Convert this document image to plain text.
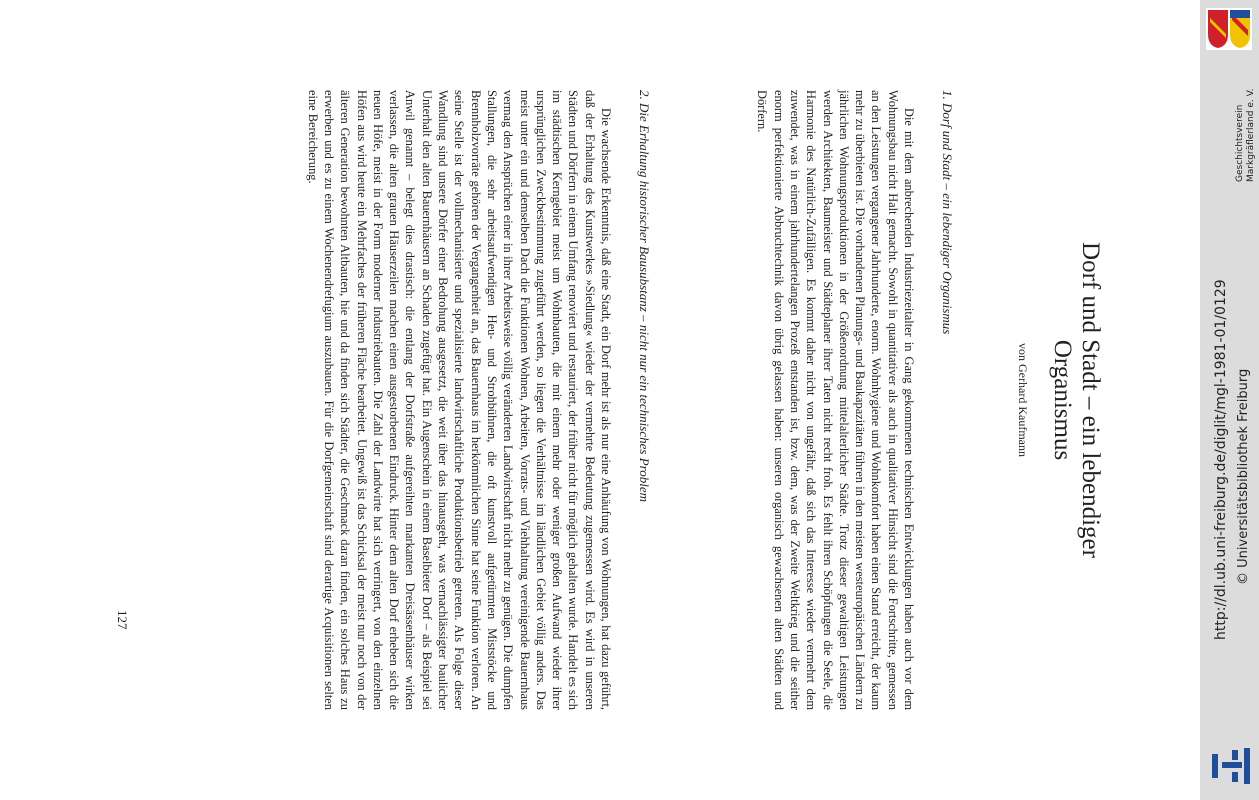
Dorf und Stadt – ein lebendiger
Organismus
von Gerhard Kaufmann
1. Dorf und Stadt – ein lebendiger Organismus

Die mit dem anbrechenden Industriezeitalter in Gang gekommenen technischen Entwicklungen haben auch vor dem Wohnungsbau nicht Halt gemacht. Sowohl in quantitativer als auch in qualitativer Hinsicht sind die Fortschritte, gemessen an den Leistungen vergangener Jahrhunderte, enorm. Wohnhygiene und Wohnkomfort haben einen Stand erreicht, der kaum mehr zu überbieten ist. Die vorhandenen Planungs- und Baukapazitäten führen in den meisten westeuropäischen Ländern zu jährlichen Wohnungsproduktionen in der Größenordnung mittelalterlicher Städte. Trotz dieser gewaltigen Leistungen werden Architekten, Baumeister und Städteplaner ihrer Taten nicht recht froh. Es fehlt ihren Schöpfungen die Seele, die Harmonie des Natürlich-Zufälligen. Es kommt daher nicht von ungefähr, daß sich das Interesse wieder vermehrt dem zuwendet, was in einem jahrhundertelangen Prozeß entstanden ist, bzw. dem, was der Zweite Weltkrieg und die seither enorm perfektionierte Abbruchtechnik davon übrig gelassen haben: unseren organisch gewachsenen alten Städten und Dörfern.

2. Die Erhaltung historischer Bausubstanz – nicht nur ein technisches Problem

Die wachsende Erkenntnis, daß eine Stadt, ein Dorf mehr ist als nur eine Anhäufung von Wohnungen, hat dazu geführt, daß der Erhaltung des Kunstwerkes »Siedlung« wieder der vermehrte Bedeutung zugemessen wird. Es wird in unseren Städten und Dörfern in einem Umfang renoviert und restauriert, der früher nicht für möglich gehalten wurde. Handelt es sich im städtischen Kerngebiet meist um Wohnbauten, die mit einem mehr oder weniger großen Aufwand wieder ihrer ursprünglichen Zweckbestimmung zugeführt werden, so liegen die Verhältnisse im ländlichen Gebiet völlig anders. Das meist unter ein und demselben Dach die Funktionen Wohnen, Arbeiten, Vorrats- und Viehhaltung vereinigende Bauernhaus vermag den Ansprüchen einer in ihrer Arbeitsweise völlig veränderten Landwirtschaft nicht mehr zu genügen. Die dumpfen Stallungen, die sehr arbeitsaufwendigen Heu- und Strohbühnen, die oft kunstvoll aufgetürmten Miststöcke und Brennholzvorräte gehören der Vergangenheit an, das Bauernhaus im herkömmlichen Sinne hat seine Funktion verloren. An seine Stelle ist der vollmechanisierte und spezialisierte landwirtschaftliche Produktionsbetrieb getreten. Als Folge dieser Wandlung sind unsere Dörfer einer Bedrohung ausgesetzt, die weit über das hinausgeht, was vernachlässigter baulicher Unterhalt den alten Bauernhäusern an Schaden zugefügt hat. Ein Augenschein in einem Baselbieter Dorf – als Beispiel sei Anwil genannt – belegt dies drastisch: die entlang der Dorfstraße aufgereihten markanten Dreisässenhäuser wirken verlassen, die alten grauen Häuserzeilen machen einen ausgestorbenen Eindruck. Hinter dem alten Dorf erheben sich die neuen Höfe, meist in der Form moderner Industriebauten. Die Zahl der Landwirte hat sich verringert, von den einzelnen Höfen aus wird heute ein Mehrfaches der früheren Fläche bearbeitet. Ungewiß ist das Schicksal der meist nur noch von der älteren Generation bewohnten Altbauten, hie und da finden sich Städter, die Geschmack daran finden, ein solches Haus zu erwerben und es zu einem Wochenendrefugium auszubauen. Für die Dorfgemeinschaft sind derartige Acquisitionen selten eine Bereicherung.

127	http://dl.ub.uni-freiburg.de/diglit/mgl-1981-01/0129 © Universitätsbibliothek Freiburg
Geschichtsverein Markgräflerland e. V.
